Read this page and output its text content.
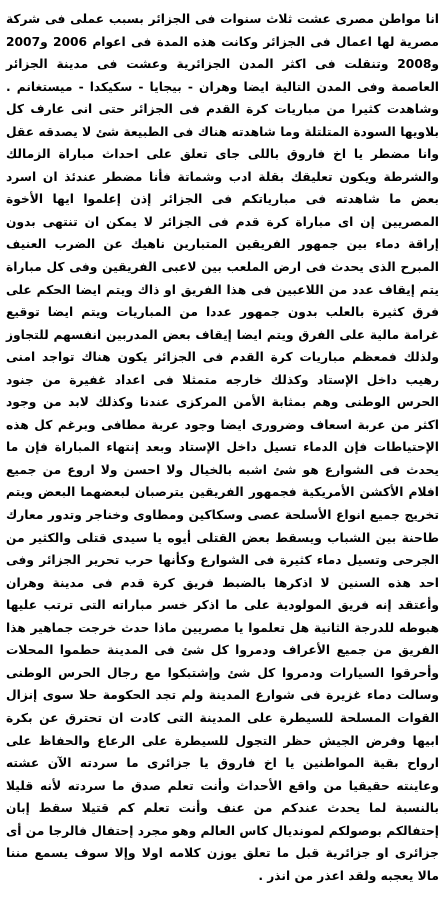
انا مواطن مصرى عشت ثلاث سنوات فى الجزائر بسبب عملى فى شركة مصرية لها اعمال فى الجزائر وكانت هذه المدة فى اعوام 2006 و2007 و2008 وتنقلت فى اكثر المدن الجزائرية وعشت فى مدينة الجزائر العاصمة وفى المدن التالية ايضا وهران - بيجايا - سكيكدا - ميستغانم . وشاهدت كثيرا من مباريات كرة القدم فى الجزائر حتى انى عارف كل بلاويها السودة المتلتلة وما شاهدته هناك فى الطبيعة شئ لا يصدقه عقل وانا مضطر يا اخ فاروق باللى جاى تعلق على احداث مباراة الزمالك والشرطة ويكون تعليقك بقلة ادب وشماتة فأنا مضطر عندئذ ان اسرد بعض ما شاهدته فى مبارياتكم فى الجزائر إذن إعلموا ايها الأخوة المصريين إن اى مباراة كرة قدم فى الجزائر لا يمكن ان تنتهى بدون إراقة دماء بين جمهور الفريقين المتبارين ناهيك عن الضرب العنيف المبرح الذى يحدث فى ارض الملعب بين لاعبى الفريقين وفى كل مباراة يتم إيقاف عدد من اللاعبين فى هذا الفريق او ذاك ويتم ايضا الحكم على فرق كثيرة بالعلب بدون جمهور عددا من المباريات ويتم ايضا توقيع غرامة مالية على الفرق ويتم ايضا إيقاف بعض المدربين انفسهم للتجاوز ولذلك فمعظم مباريات كرة القدم فى الجزائر يكون هناك تواجد امنى رهيب داخل الإستاد وكذلك خارجه متمثلا فى اعداد غفيرة من جنود الحرس الوطنى وهم بمثابة الأمن المركزى عندنا وكذلك لابد من وجود اكثر من عربة اسعاف وضرورى ايضا وجود عربة مطافى وبرغم كل هذه الإحتياطات فإن الدماء تسيل داخل الإستاد وبعد إنتهاء المباراة فإن ما يحدث فى الشوارع هو شئ اشبه بالخيال ولا احسن ولا اروع من جميع افلام الأكشن الأمريكية فجمهور الفريقين يترصبان لبعضهما البعض ويتم تخريج جميع انواع الأسلحة عصى وسكاكين ومطاوى وخناجر وتدور معارك طاحنة بين الشباب ويسقط بعض القتلى أيوه يا سيدى قتلى والكثير من الجرحى وتسيل دماء كثيرة فى الشوارع وكأنها حرب تحرير الجزائر وفى احد هذه السنين لا اذكرها بالضبط فريق كرة قدم فى مدينة وهران وأعتقد إنه فريق المولودية على ما اذكر خسر مباراته التى ترتب عليها هبوطه للدرجة الثانية هل تعلموا يا مصريين ماذا حدث خرجت جماهير هذا الفريق من جميع الأعراف ودمروا كل شئ فى المدينة حطموا المحلات وأحرقوا السيارات ودمروا كل شئ وإشتبكوا مع رجال الحرس الوطنى وسالت دماء غزيرة فى شوارع المدينة ولم تجد الحكومة حلا سوى إنزال القوات المسلحة للسيطرة على المدينة التى كادت ان تحترق عن بكرة ابيها وفرض الجيش حظر التجول للسيطرة على الرعاع والحفاظ على ارواح بقية المواطنين يا اخ فاروق يا جزائرى ما سردته الآن عشته وعاينته حقيقيا من واقع الأحداث وأنت تعلم صدق ما سردته لأنه قليلا بالنسبة لما يحدث عندكم من عنف وأنت تعلم كم قتيلا سقط إبان إحتفالكم بوصولكم لمونديال كاس العالم وهو مجرد إحتفال فالرجا من أى جزائرى او جزائرية قبل ما تعلق يوزن كلامه اولا وإلا سوف يسمع مننا مالا يعجبه ولقد اعذر من انذر .
